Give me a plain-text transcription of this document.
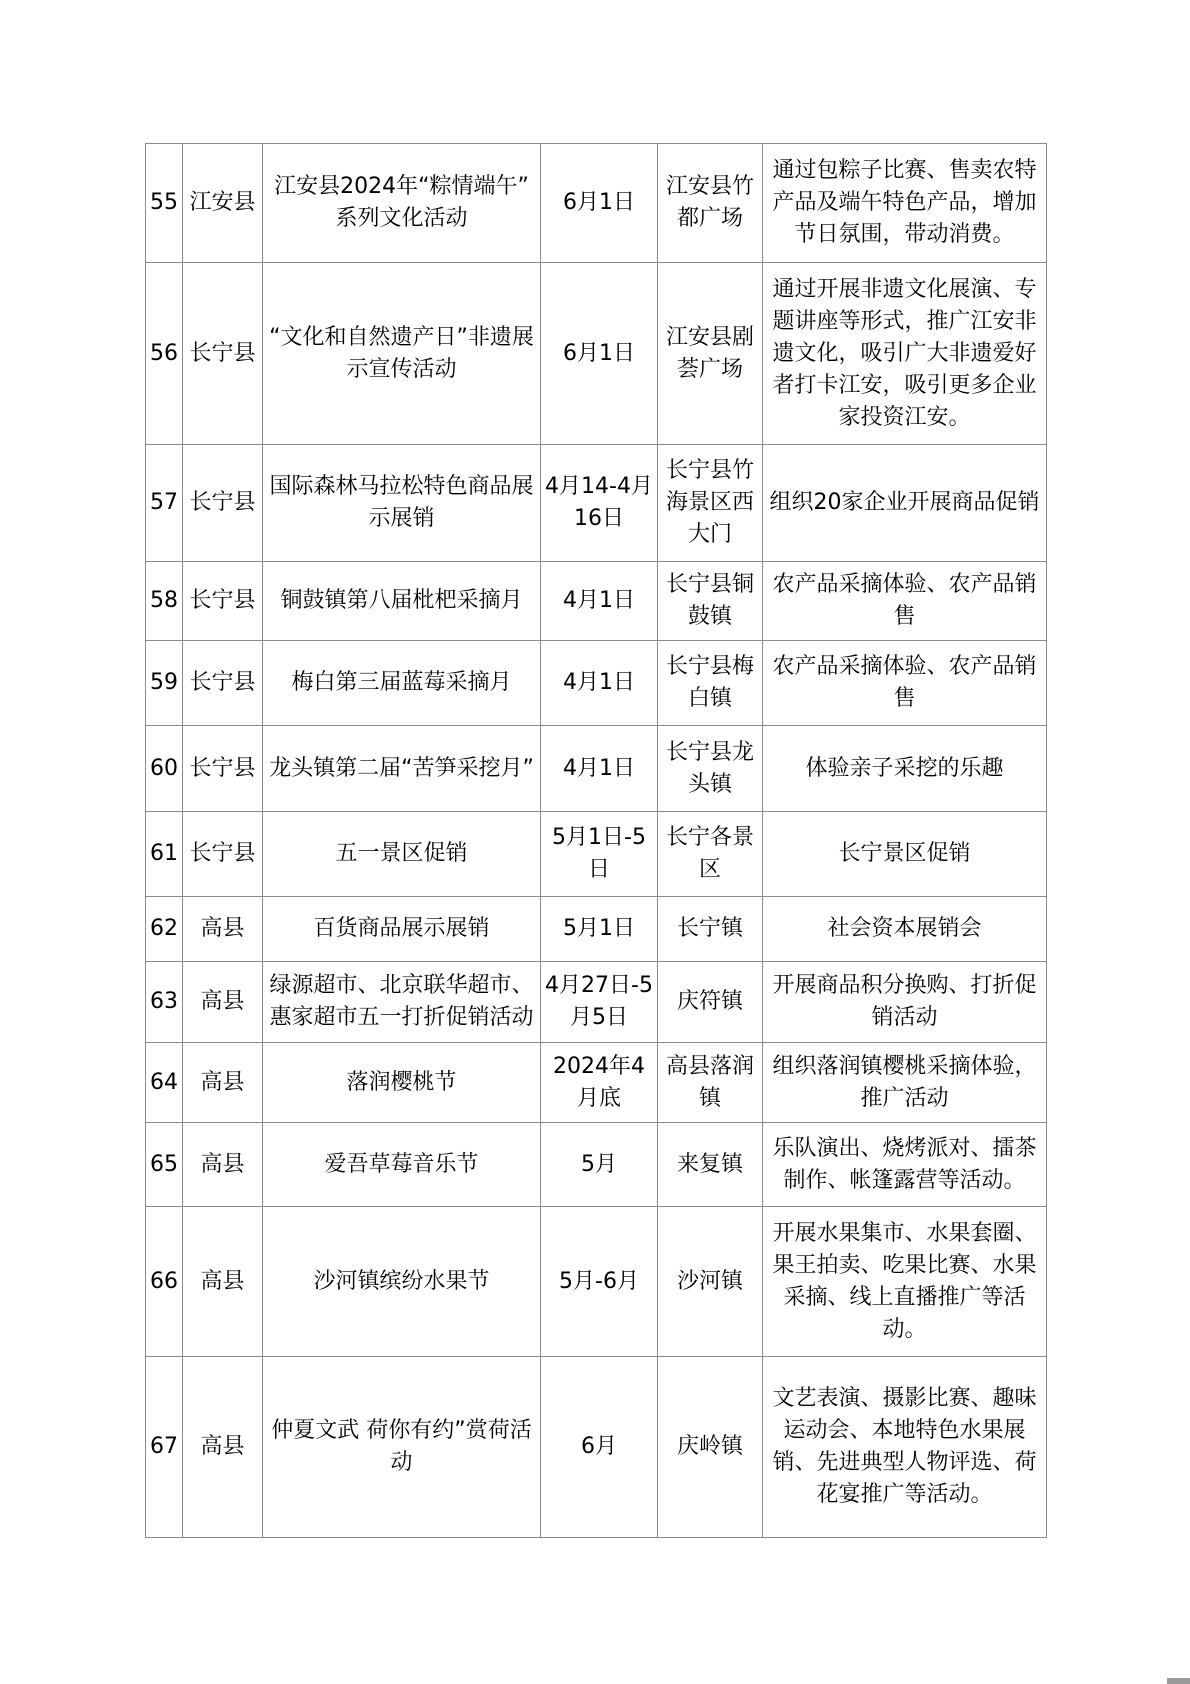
55	江安县	江安县2024年“粽情端午”系列文化活动	6月1日	江安县竹都广场	通过包粽子比赛、售卖农特产品及端午特色产品，增加节日氛围，带动消费。
56	长宁县	“文化和自然遗产日”非遗展示宣传活动	6月1日	江安县剧荟广场	通过开展非遗文化展演、专题讲座等形式，推广江安非遗文化，吸引广大非遗爱好者打卡江安，吸引更多企业家投资江安。
57	长宁县	国际森林马拉松特色商品展示展销	4月14-4月16日	长宁县竹海景区西大门	组织20家企业开展商品促销
58	长宁县	铜鼓镇第八届枇杷采摘月	4月1日	长宁县铜鼓镇	农产品采摘体验、农产品销售
59	长宁县	梅白第三届蓝莓采摘月	4月1日	长宁县梅白镇	农产品采摘体验、农产品销售
60	长宁县	龙头镇第二届“苦笋采挖月”	4月1日	长宁县龙头镇	体验亲子采挖的乐趣
61	长宁县	五一景区促销	5月1日-5日	长宁各景区	长宁景区促销
62	高县	百货商品展示展销	5月1日	长宁镇	社会资本展销会
63	高县	绿源超市、北京联华超市、惠家超市五一打折促销活动	4月27日-5月5日	庆符镇	开展商品积分换购、打折促销活动
64	高县	落润樱桃节	2024年4月底	高县落润镇	组织落润镇樱桃采摘体验，推广活动
65	高县	爱吾草莓音乐节	5月	来复镇	乐队演出、烧烤派对、擂茶制作、帐篷露营等活动。
66	高县	沙河镇缤纷水果节	5月-6月	沙河镇	开展水果集市、水果套圈、果王拍卖、吃果比赛、水果采摘、线上直播推广等活动。
67	高县	仲夏文武 荷你有约”赏荷活动	6月	庆岭镇	文艺表演、摄影比赛、趣味运动会、本地特色水果展销、先进典型人物评选、荷花宴推广等活动。
